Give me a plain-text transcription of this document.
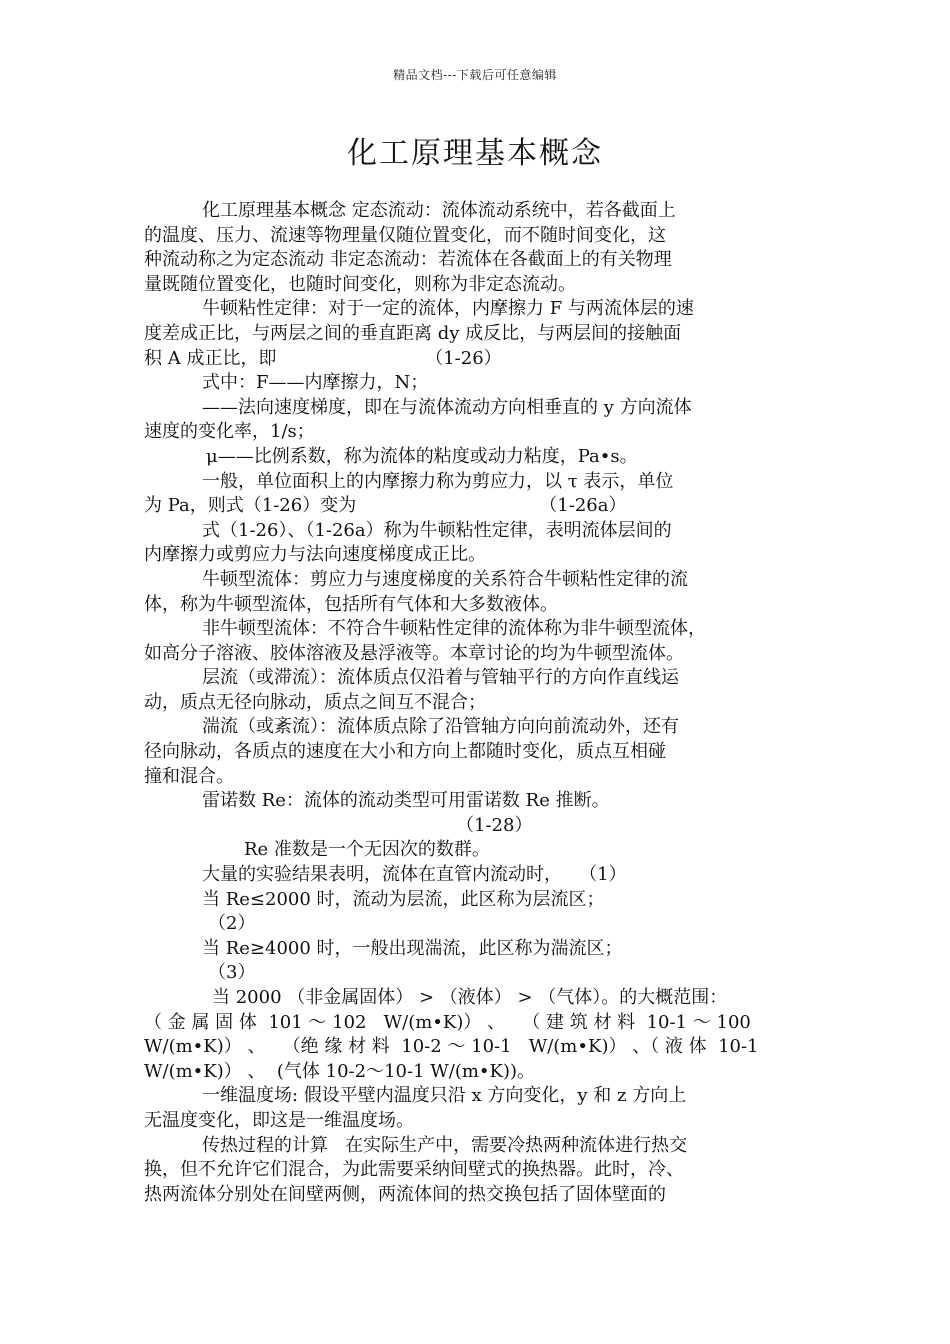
精品文档---下载后可任意编辑
化工原理基本概念
化工原理基本概念 定态流动：流体流动系统中，若各截面上
的温度、压力、流速等物理量仅随位置变化，而不随时间变化，这
种流动称之为定态流动 非定态流动：若流体在各截面上的有关物理
量既随位置变化，也随时间变化，则称为非定态流动。
牛顿粘性定律：对于一定的流体，内摩擦力 F 与两流体层的速
度差成正比，与两层之间的垂直距离 dy 成反比，与两层间的接触面
积 A 成正比，即                          （1-26）
式中：F——内摩擦力，N；
——法向速度梯度，即在与流体流动方向相垂直的 y 方向流体
速度的变化率，1/s；
μ——比例系数，称为流体的粘度或动力粘度，Pa•s。
一般，单位面积上的内摩擦力称为剪应力，以 τ 表示，单位
为 Pa，则式（1-26）变为                                （1-26a）
式（1-26）、（1-26a）称为牛顿粘性定律，表明流体层间的
内摩擦力或剪应力与法向速度梯度成正比。
牛顿型流体：剪应力与速度梯度的关系符合牛顿粘性定律的流
体，称为牛顿型流体，包括所有气体和大多数液体。
非牛顿型流体：不符合牛顿粘性定律的流体称为非牛顿型流体，
如高分子溶液、胶体溶液及悬浮液等。本章讨论的均为牛顿型流体。
层流（或滞流）：流体质点仅沿着与管轴平行的方向作直线运
动，质点无径向脉动，质点之间互不混合；
湍流（或紊流）：流体质点除了沿管轴方向向前流动外，还有
径向脉动，各质点的速度在大小和方向上都随时变化，质点互相碰
撞和混合。
雷诺数 Re：流体的流动类型可用雷诺数 Re 推断。
（1-28）
Re 准数是一个无因次的数群。
大量的实验结果表明，流体在直管内流动时，   （1）
当 Re≤2000 时，流动为层流，此区称为层流区；
（2）
当 Re≥4000 时，一般出现湍流，此区称为湍流区；
（3）
当 2000 （非金属固体） > （液体） > （气体）。的大概范围：
（ 金 属 固 体  101 ～ 102   W/(m•K)） 、   （ 建 筑 材 料  10-1 ～ 100
W/(m•K)） 、   （绝 缘 材 料  10-2 ～ 10-1   W/(m•K)） 、（ 液 体  10-1
W/(m•K)） 、  (气体 10-2～10-1 W/(m•K))。
一维温度场: 假设平壁内温度只沿 x 方向变化，y 和 z 方向上
无温度变化，即这是一维温度场。
传热过程的计算   在实际生产中，需要冷热两种流体进行热交
换，但不允许它们混合，为此需要采纳间壁式的换热器。此时，冷、
热两流体分别处在间壁两侧，两流体间的热交换包括了固体壁面的
